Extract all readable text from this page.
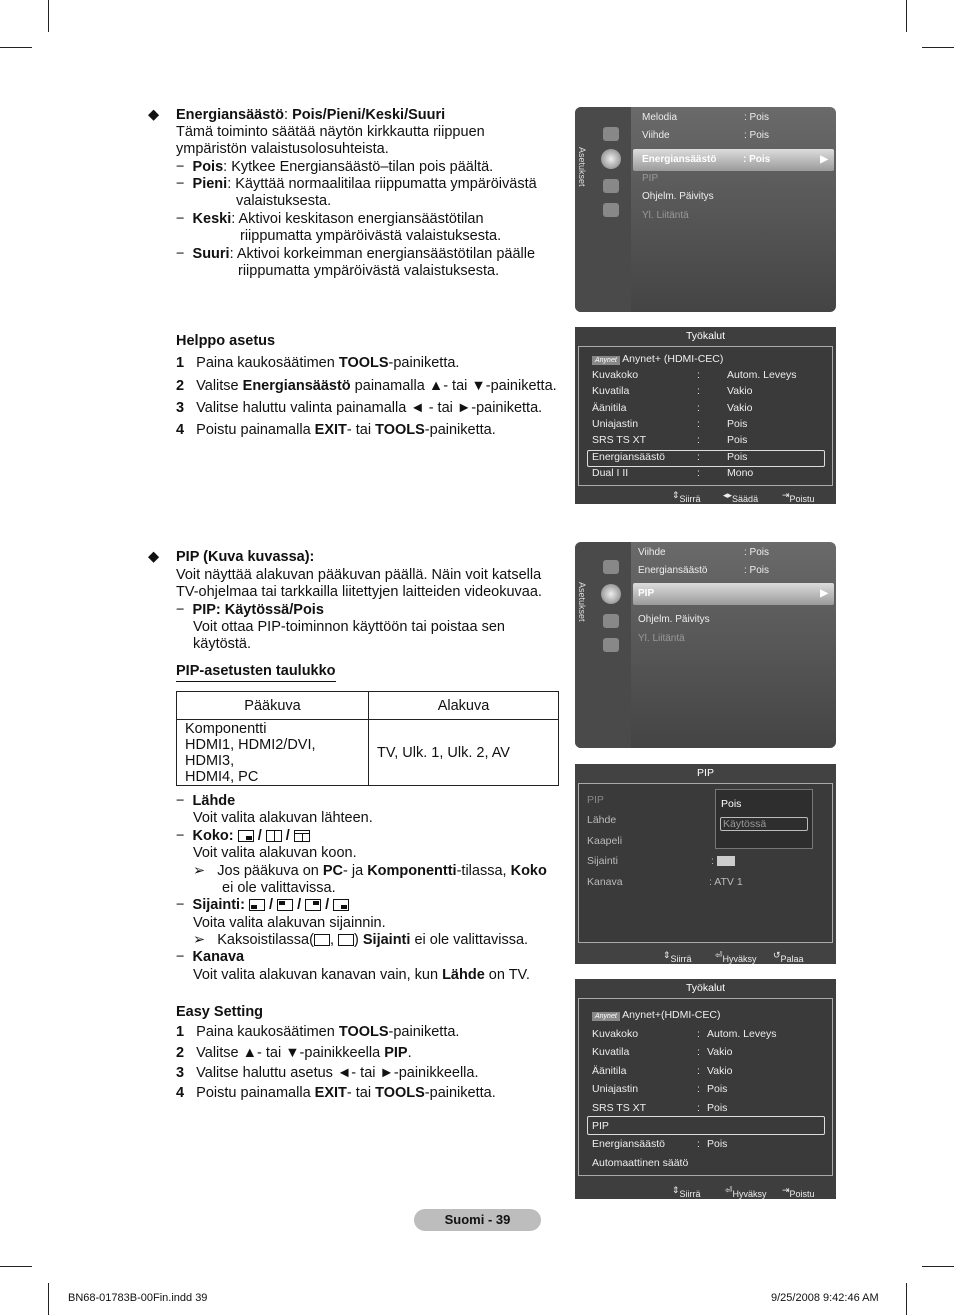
◆ Energiansäästö: Pois/Pieni/Keski/Suuri
Tämä toiminto säätää näytön kirkkautta riippuen
ympäristön valaistusolosuhteista.
−  Pois: Kytkee Energiansäästö–tilan pois päältä.
−  Pieni: Käyttää normaalitilaa riippumatta ympäröivästä
valaistuksesta.
−  Keski: Aktivoi keskitason energiansäästötilan
riippumatta ympäröivästä valaistuksesta.
−  Suuri: Aktivoi korkeimman energiansäästötilan päälle
riippumatta ympäröivästä valaistuksesta.
Helppo asetus
1 Paina kaukosäätimen TOOLS-painiketta.
2 Valitse Energiansäästö painamalla ▲- tai ▼-painiketta.
3 Valitse haluttu valinta painamalla ◄ - tai ►-painiketta.
4 Poistu painamalla EXIT- tai TOOLS-painiketta.
Asetukset
Melodia	: Pois
Viihde	: Pois
Energiansäästö	: Pois	▶
PIP
Ohjelm. Päivitys
Yl. Liitäntä
Työkalut
Anynet Anynet+ (HDMI-CEC)
Kuvakoko	:	Autom. Leveys
Kuvatila	:	Vakio
Äänitila	:	Vakio
Uniajastin	:	Pois
SRS TS XT	:	Pois
Energiansäästö	:	Pois
Dual I II	:	Mono
⇕ Siirrä ◂▸ Säädä	⇥ Poistu
◆ PIP (Kuva kuvassa):
Voit näyttää alakuvan pääkuvan päällä. Näin voit katsella
TV-ohjelmaa tai tarkkailla liitettyjen laitteiden videokuvaa.
−  PIP: Käytössä/Pois
Voit ottaa PIP-toiminnon käyttöön tai poistaa sen
käytöstä.
PIP-asetusten taulukko
Pääkuva	Alakuva

Komponentti
HDMI1, HDMI2/DVI, HDMI3,
HDMI4, PC	TV, Ulk. 1, Ulk. 2, AV
−  Lähde
Voit valita alakuvan lähteen.
−  Koko: / /
Voit valita alakuvan koon.
➢   Jos pääkuva on PC- ja Komponentti-tilassa, Koko
ei ole valittavissa.
−  Sijainti: / / /
Voita valita alakuvan sijainnin.
➢   Kaksoistilassa( , ) Sijainti ei ole valittavissa.
−  Kanava
Voit valita alakuvan kanavan vain, kun Lähde on TV.
Easy Setting
1 Paina kaukosäätimen TOOLS-painiketta.
2 Valitse ▲- tai ▼-painikkeella PIP.
3 Valitse haluttu asetus ◄- tai ►-painikkeella.
4 Poistu painamalla EXIT- tai TOOLS-painiketta.
Asetukset
Viihde	: Pois
Energiansäästö	: Pois
PIP	▶
Ohjelm. Päivitys
Yl. Liitäntä
PIP
PIP
Lähde
Kaapeli
Sijainti
Kanava
:
: ATV 1
Pois
Käytössä
⇕ Siirrä	⏎ Hyväksy ↺ Palaa
Työkalut
Anynet Anynet+(HDMI-CEC)
Kuvakoko	: Autom. Leveys
Kuvatila	: Vakio
Äänitila	: Vakio
Uniajastin	: Pois
SRS TS XT	: Pois
PIP
Energiansäästö	: Pois
Automaattinen säätö
⇕ Siirrä	⏎ Hyväksy ⇥ Poistu
Suomi - 39
BN68-01783B-00Fin.indd 39	9/25/2008 9:42:46 AM
